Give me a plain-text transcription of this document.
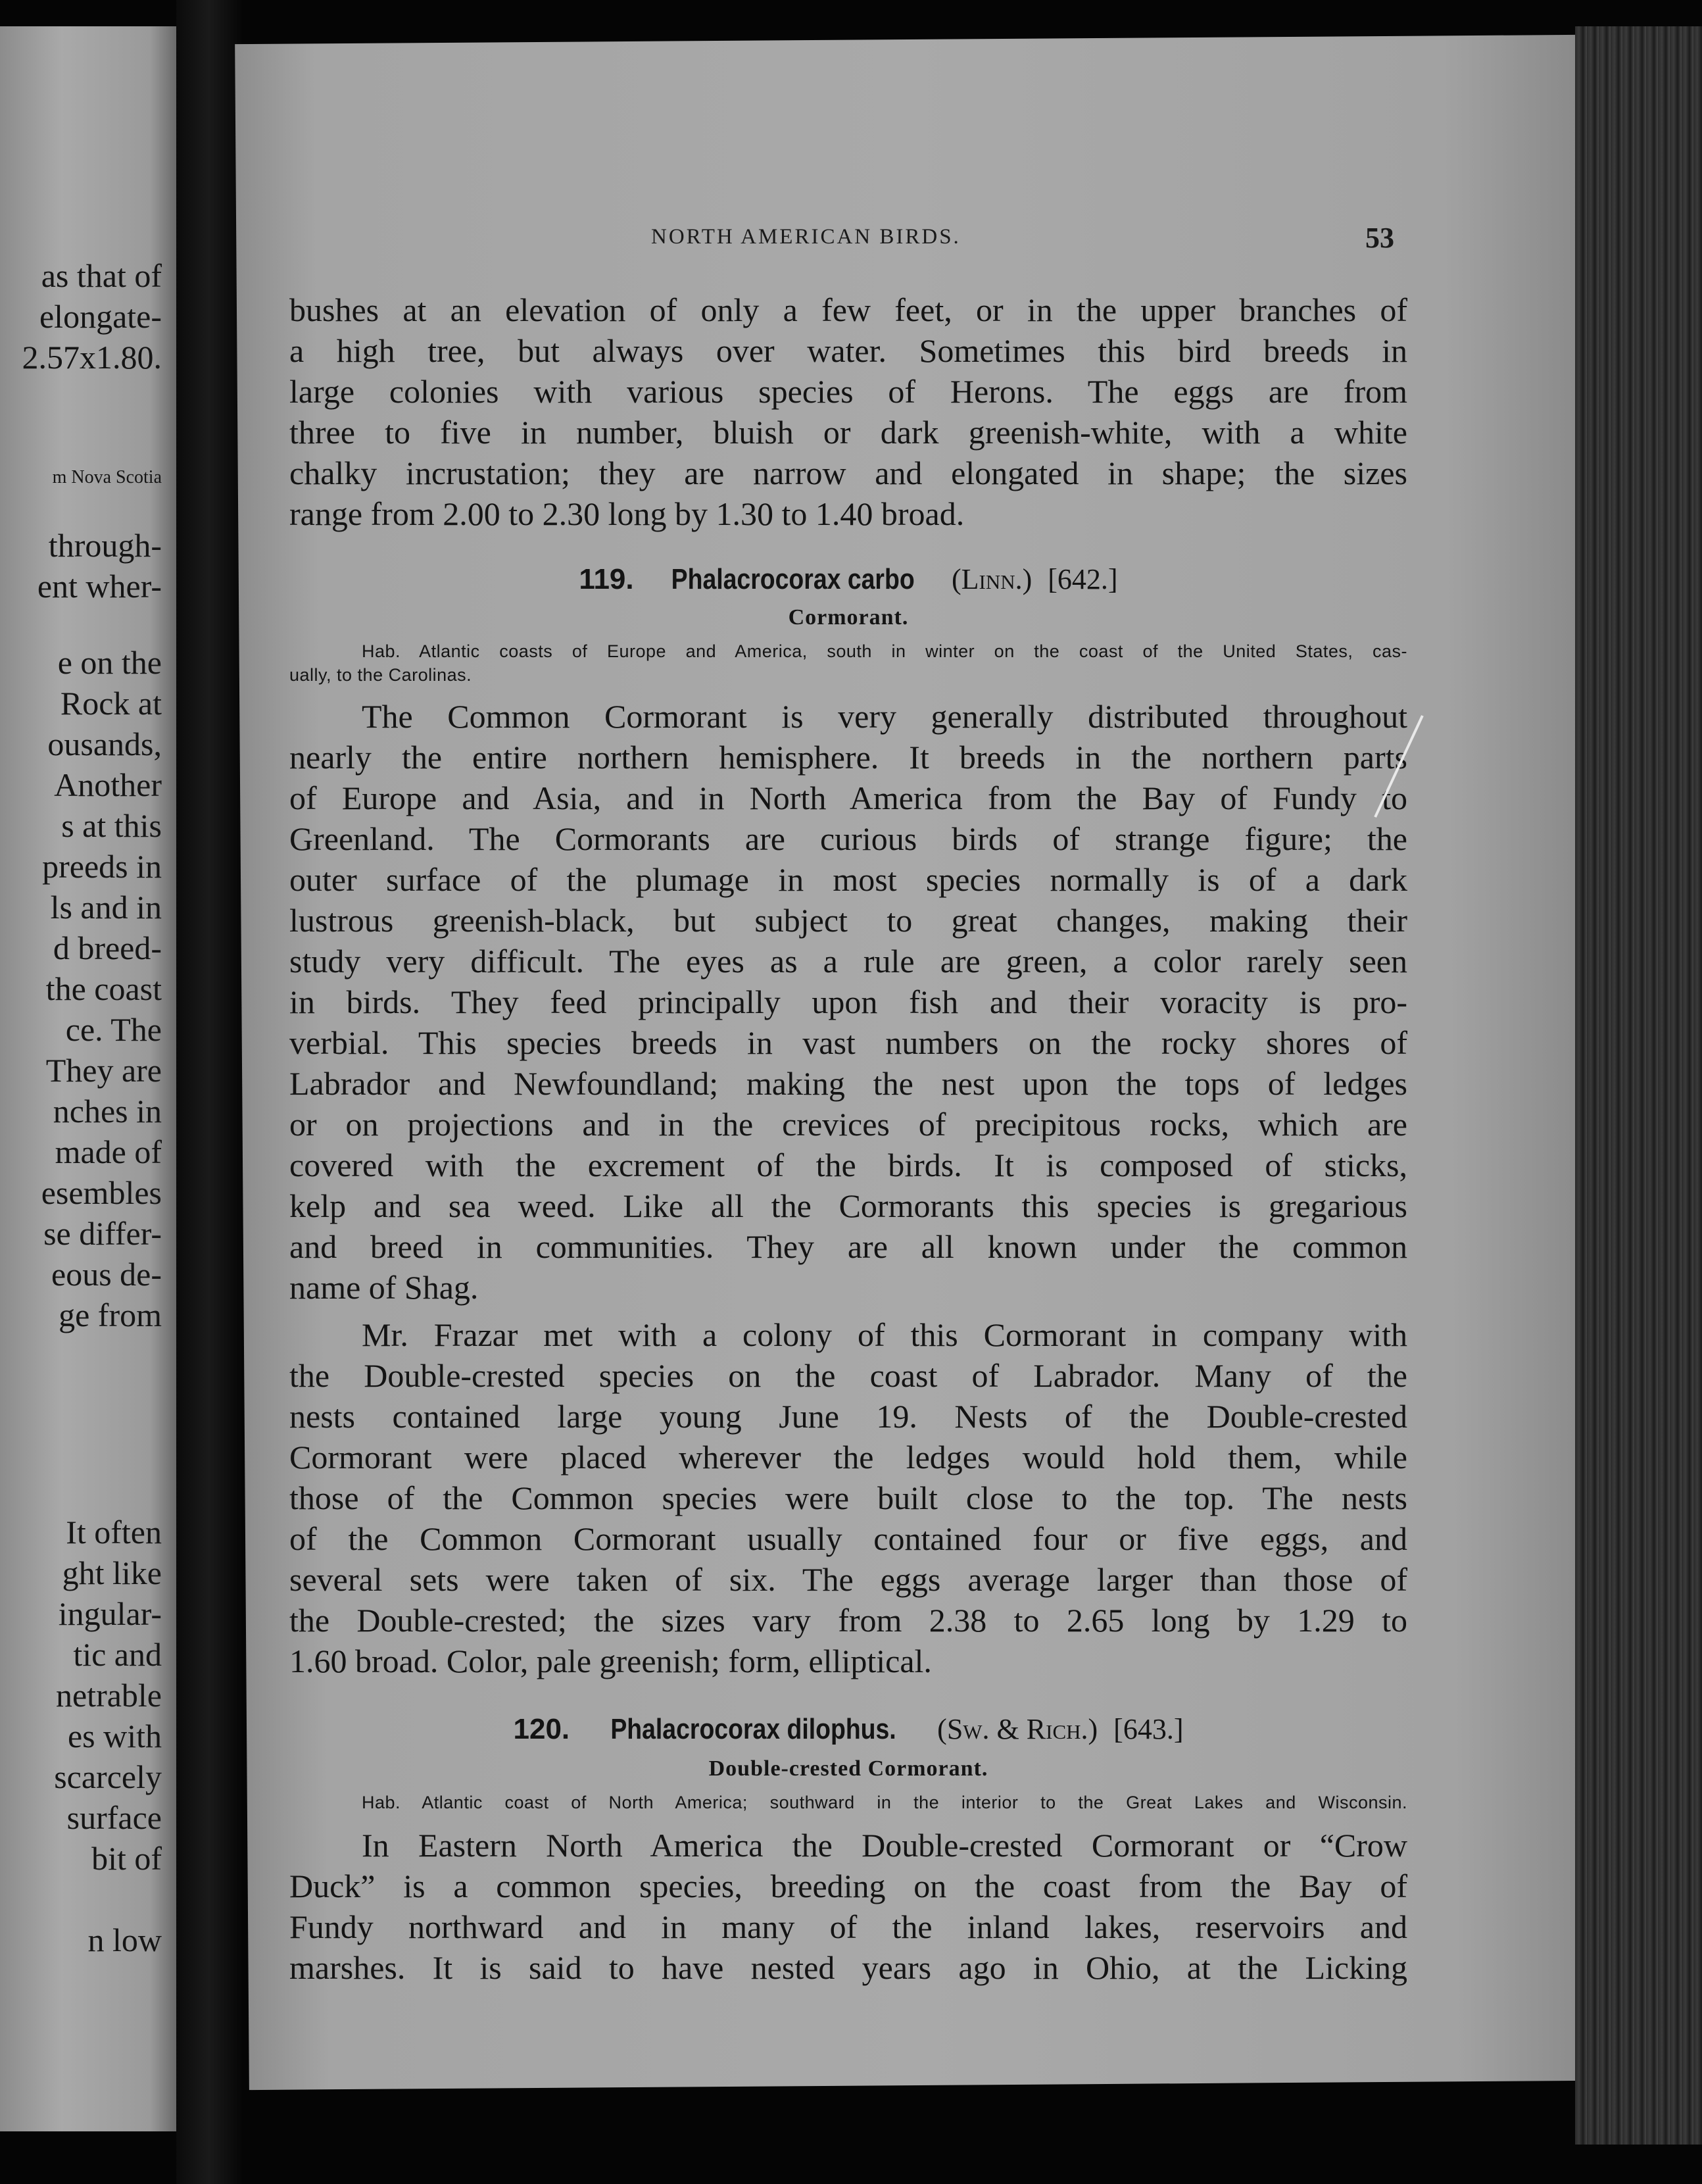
as that of
elongate-
2.57x1.80.
m Nova Scotia
through-
ent wher-
e on the
Rock at
ousands,
Another
s at this
preeds in
ls and in
d breed-
the coast
ce. The
They are
nches in
made of
esembles
se differ-
eous de-
ge from
It often
ght like
ingular-
tic and
netrable
es with
scarcely
surface
bit of
n low
NORTH AMERICAN BIRDS.	53
bushes at an elevation of only a few feet, or in the upper branches of
a high tree, but always over water. Sometimes this bird breeds in
large colonies with various species of Herons. The eggs are from
three to five in number, bluish or dark greenish-white, with a white
chalky incrustation; they are narrow and elongated in shape; the sizes
range from 2.00 to 2.30 long by 1.30 to 1.40 broad.
119. Phalacrocorax carbo (Linn.) [642.]
Cormorant.
Hab. Atlantic coasts of Europe and America, south in winter on the coast of the United States, cas-
ually, to the Carolinas.
The Common Cormorant is very generally distributed throughout
nearly the entire northern hemisphere. It breeds in the northern parts
of Europe and Asia, and in North America from the Bay of Fundy to
Greenland. The Cormorants are curious birds of strange figure; the
outer surface of the plumage in most species normally is of a dark
lustrous greenish-black, but subject to great changes, making their
study very difficult. The eyes as a rule are green, a color rarely seen
in birds. They feed principally upon fish and their voracity is pro-
verbial. This species breeds in vast numbers on the rocky shores of
Labrador and Newfoundland; making the nest upon the tops of ledges
or on projections and in the crevices of precipitous rocks, which are
covered with the excrement of the birds. It is composed of sticks,
kelp and sea weed. Like all the Cormorants this species is gregarious
and breed in communities. They are all known under the common
name of Shag.
Mr. Frazar met with a colony of this Cormorant in company with
the Double-crested species on the coast of Labrador. Many of the
nests contained large young June 19. Nests of the Double-crested
Cormorant were placed wherever the ledges would hold them, while
those of the Common species were built close to the top. The nests
of the Common Cormorant usually contained four or five eggs, and
several sets were taken of six. The eggs average larger than those of
the Double-crested; the sizes vary from 2.38 to 2.65 long by 1.29 to
1.60 broad. Color, pale greenish; form, elliptical.
120. Phalacrocorax dilophus. (Sw. & Rich.) [643.]
Double-crested Cormorant.
Hab. Atlantic coast of North America; southward in the interior to the Great Lakes and Wisconsin.
In Eastern North America the Double-crested Cormorant or “Crow
Duck” is a common species, breeding on the coast from the Bay of
Fundy northward and in many of the inland lakes, reservoirs and
marshes. It is said to have nested years ago in Ohio, at the Licking
